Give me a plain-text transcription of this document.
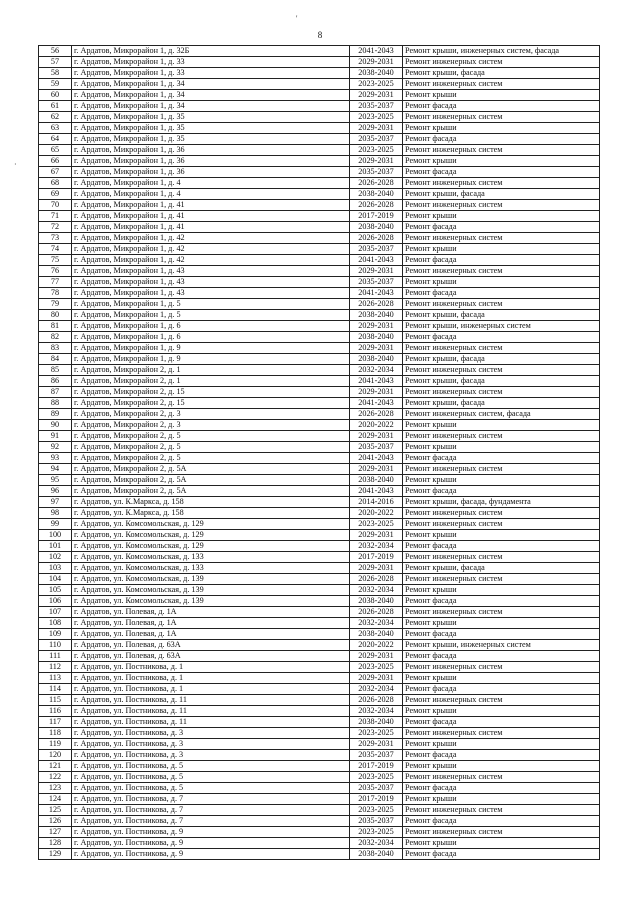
8
·
'
56	г. Ардатов, Микрорайон 1, д. 32Б	2041-2043	Ремонт крыши, инженерных систем, фасада
57	г. Ардатов, Микрорайон 1, д. 33	2029-2031	Ремонт инженерных систем
58	г. Ардатов, Микрорайон 1, д. 33	2038-2040	Ремонт крыши, фасада
59	г. Ардатов, Микрорайон 1, д. 34	2023-2025	Ремонт инженерных систем
60	г. Ардатов, Микрорайон 1, д. 34	2029-2031	Ремонт крыши
61	г. Ардатов, Микрорайон 1, д. 34	2035-2037	Ремонт фасада
62	г. Ардатов, Микрорайон 1, д. 35	2023-2025	Ремонт инженерных систем
63	г. Ардатов, Микрорайон 1, д. 35	2029-2031	Ремонт крыши
64	г. Ардатов, Микрорайон 1, д. 35	2035-2037	Ремонт фасада
65	г. Ардатов, Микрорайон 1, д. 36	2023-2025	Ремонт инженерных систем
66	г. Ардатов, Микрорайон 1, д. 36	2029-2031	Ремонт крыши
67	г. Ардатов, Микрорайон 1, д. 36	2035-2037	Ремонт фасада
68	г. Ардатов, Микрорайон 1, д. 4	2026-2028	Ремонт инженерных систем
69	г. Ардатов, Микрорайон 1, д. 4	2038-2040	Ремонт крыши, фасада
70	г. Ардатов, Микрорайон 1, д. 41	2026-2028	Ремонт инженерных систем
71	г. Ардатов, Микрорайон 1, д. 41	2017-2019	Ремонт крыши
72	г. Ардатов, Микрорайон 1, д. 41	2038-2040	Ремонт фасада
73	г. Ардатов, Микрорайон 1, д. 42	2026-2028	Ремонт инженерных систем
74	г. Ардатов, Микрорайон 1, д. 42	2035-2037	Ремонт крыши
75	г. Ардатов, Микрорайон 1, д. 42	2041-2043	Ремонт фасада
76	г. Ардатов, Микрорайон 1, д. 43	2029-2031	Ремонт инженерных систем
77	г. Ардатов, Микрорайон 1, д. 43	2035-2037	Ремонт крыши
78	г. Ардатов, Микрорайон 1, д. 43	2041-2043	Ремонт фасада
79	г. Ардатов, Микрорайон 1, д. 5	2026-2028	Ремонт инженерных систем
80	г. Ардатов, Микрорайон 1, д. 5	2038-2040	Ремонт крыши, фасада
81	г. Ардатов, Микрорайон 1, д. 6	2029-2031	Ремонт крыши, инженерных систем
82	г. Ардатов, Микрорайон 1, д. 6	2038-2040	Ремонт фасада
83	г. Ардатов, Микрорайон 1, д. 9	2029-2031	Ремонт инженерных систем
84	г. Ардатов, Микрорайон 1, д. 9	2038-2040	Ремонт крыши, фасада
85	г. Ардатов, Микрорайон 2, д. 1	2032-2034	Ремонт инженерных систем
86	г. Ардатов, Микрорайон 2, д. 1	2041-2043	Ремонт крыши, фасада
87	г. Ардатов, Микрорайон 2, д. 15	2029-2031	Ремонт инженерных систем
88	г. Ардатов, Микрорайон 2, д. 15	2041-2043	Ремонт крыши, фасада
89	г. Ардатов, Микрорайон 2, д. 3	2026-2028	Ремонт инженерных систем, фасада
90	г. Ардатов, Микрорайон 2, д. 3	2020-2022	Ремонт крыши
91	г. Ардатов, Микрорайон 2, д. 5	2029-2031	Ремонт инженерных систем
92	г. Ардатов, Микрорайон 2, д. 5	2035-2037	Ремонт крыши
93	г. Ардатов, Микрорайон 2, д. 5	2041-2043	Ремонт фасада
94	г. Ардатов, Микрорайон 2, д. 5А	2029-2031	Ремонт инженерных систем
95	г. Ардатов, Микрорайон 2, д. 5А	2038-2040	Ремонт крыши
96	г. Ардатов, Микрорайон 2, д. 5А	2041-2043	Ремонт фасада
97	г. Ардатов, ул. К.Маркса, д. 158	2014-2016	Ремонт крыши, фасада, фундамента
98	г. Ардатов, ул. К.Маркса, д. 158	2020-2022	Ремонт инженерных систем
99	г. Ардатов, ул. Комсомольская, д. 129	2023-2025	Ремонт инженерных систем
100	г. Ардатов, ул. Комсомольская, д. 129	2029-2031	Ремонт крыши
101	г. Ардатов, ул. Комсомольская, д. 129	2032-2034	Ремонт фасада
102	г. Ардатов, ул. Комсомольская, д. 133	2017-2019	Ремонт инженерных систем
103	г. Ардатов, ул. Комсомольская, д. 133	2029-2031	Ремонт крыши, фасада
104	г. Ардатов, ул. Комсомольская, д. 139	2026-2028	Ремонт инженерных систем
105	г. Ардатов, ул. Комсомольская, д. 139	2032-2034	Ремонт крыши
106	г. Ардатов, ул. Комсомольская, д. 139	2038-2040	Ремонт фасада
107	г. Ардатов, ул. Полевая, д. 1А	2026-2028	Ремонт инженерных систем
108	г. Ардатов, ул. Полевая, д. 1А	2032-2034	Ремонт крыши
109	г. Ардатов, ул. Полевая, д. 1А	2038-2040	Ремонт фасада
110	г. Ардатов, ул. Полевая, д. 63А	2020-2022	Ремонт крыши, инженерных систем
111	г. Ардатов, ул. Полевая, д. 63А	2029-2031	Ремонт фасада
112	г. Ардатов, ул. Постникова, д. 1	2023-2025	Ремонт инженерных систем
113	г. Ардатов, ул. Постникова, д. 1	2029-2031	Ремонт крыши
114	г. Ардатов, ул. Постникова, д. 1	2032-2034	Ремонт фасада
115	г. Ардатов, ул. Постникова, д. 11	2026-2028	Ремонт инженерных систем
116	г. Ардатов, ул. Постникова, д. 11	2032-2034	Ремонт крыши
117	г. Ардатов, ул. Постникова, д. 11	2038-2040	Ремонт фасада
118	г. Ардатов, ул. Постникова, д. 3	2023-2025	Ремонт инженерных систем
119	г. Ардатов, ул. Постникова, д. 3	2029-2031	Ремонт крыши
120	г. Ардатов, ул. Постникова, д. 3	2035-2037	Ремонт фасада
121	г. Ардатов, ул. Постникова, д. 5	2017-2019	Ремонт крыши
122	г. Ардатов, ул. Постникова, д. 5	2023-2025	Ремонт инженерных систем
123	г. Ардатов, ул. Постникова, д. 5	2035-2037	Ремонт фасада
124	г. Ардатов, ул. Постникова, д. 7	2017-2019	Ремонт крыши
125	г. Ардатов, ул. Постникова, д. 7	2023-2025	Ремонт инженерных систем
126	г. Ардатов, ул. Постникова, д. 7	2035-2037	Ремонт фасада
127	г. Ардатов, ул. Постникова, д. 9	2023-2025	Ремонт инженерных систем
128	г. Ардатов, ул. Постникова, д. 9	2032-2034	Ремонт крыши
129	г. Ардатов, ул. Постникова, д. 9	2038-2040	Ремонт фасада
